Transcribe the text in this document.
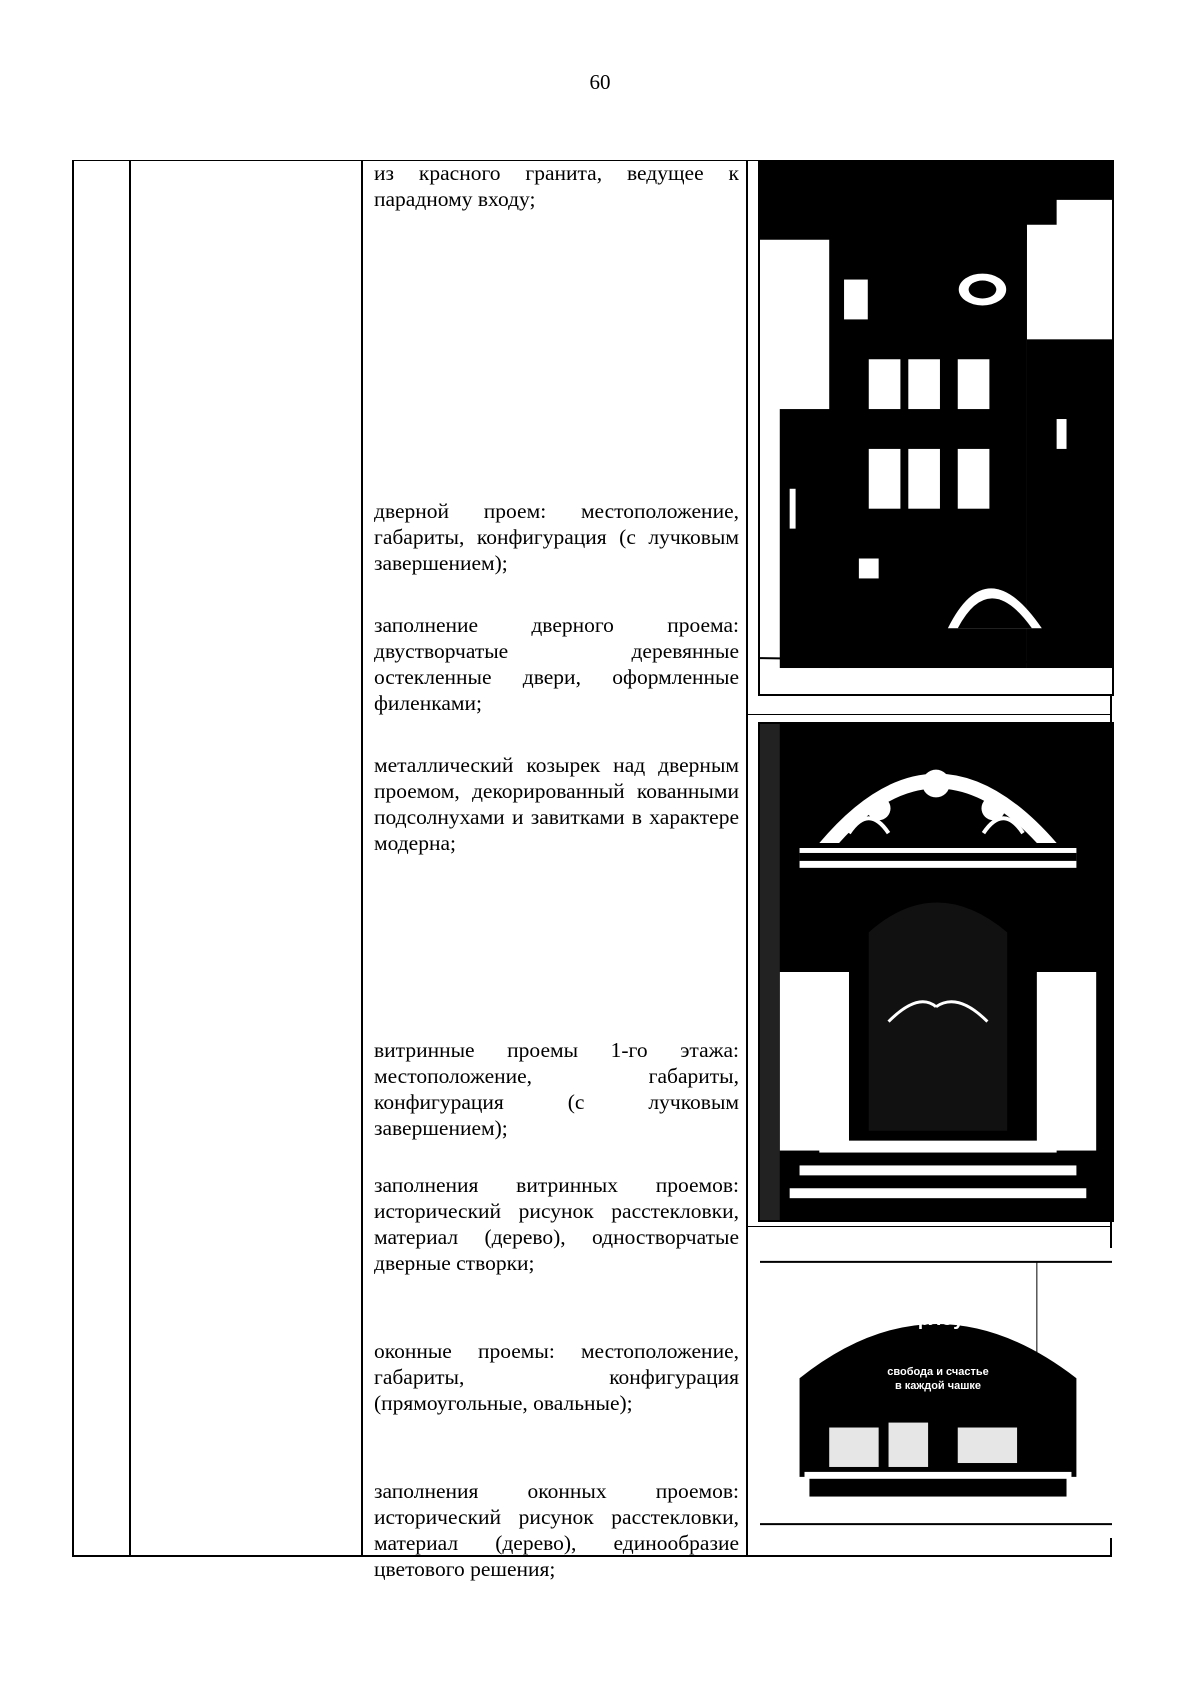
60

из красного гранита, ведущее к парадному входу;

дверной проем: местоположение, габариты, конфигурация (с лучковым завершением);

заполнение дверного проема: двустворчатые деревянные остекленные двери, оформленные филенками;

металлический козырек над дверным проемом, декорированный кованными подсолнухами и завитками в характере модерна;

витринные проемы 1-го этажа: местоположение, габариты, конфигурация (с лучковым завершением);

заполнения витринных проемов: исторический рисунок расстекловки, материал (дерево), одностворчатые дверные створки;

оконные проемы: местоположение, габариты, конфигурация (прямоугольные, овальные);

заполнения оконных проемов: исторический рисунок расстекловки, материал (дерево), единообразие цветового решения;

флоу
свобода и счастье
в каждой чашке
